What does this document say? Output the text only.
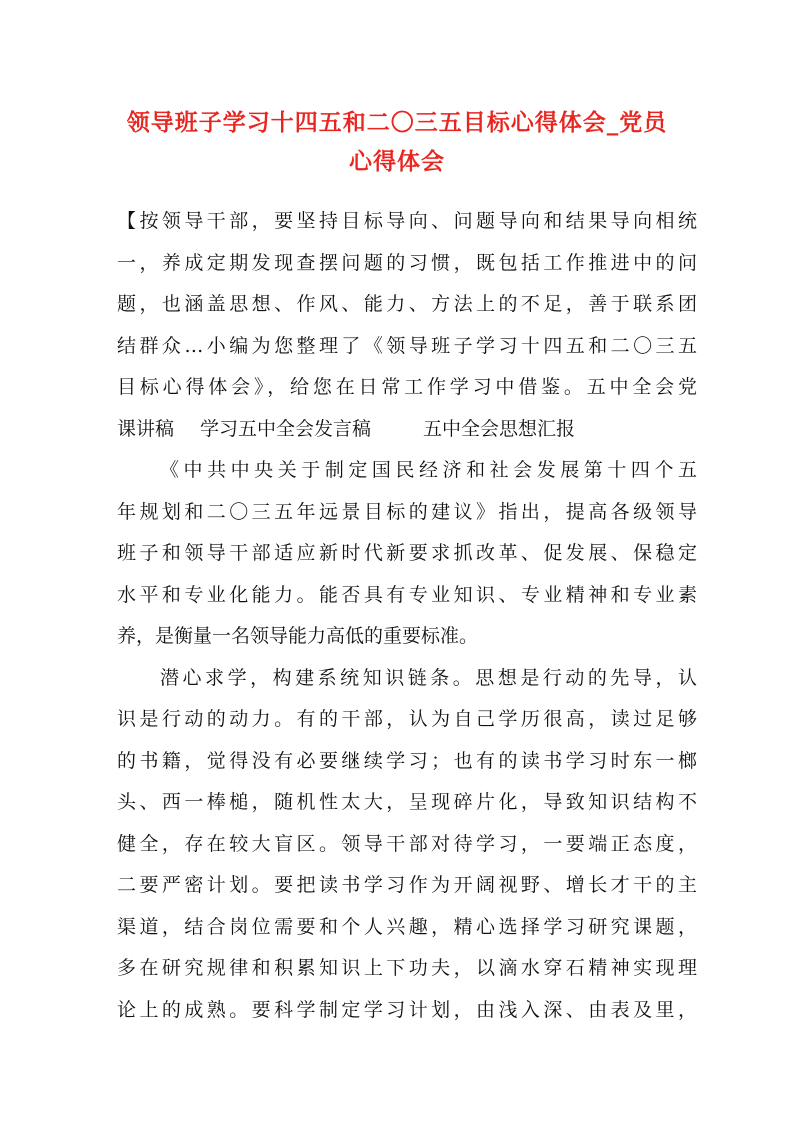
领导班子学习十四五和二〇三五目标心得体会_党员
心得体会
【按领导干部，要坚持目标导向、问题导向和结果导向相统
一，养成定期发现查摆问题的习惯，既包括工作推进中的问
题，也涵盖思想、作风、能力、方法上的不足，善于联系团
结群众…小编为您整理了《领导班子学习十四五和二〇三五
目标心得体会》，给您在日常工作学习中借鉴。五中全会党
课讲稿 学习五中全会发言稿	五中全会思想汇报
《中共中央关于制定国民经济和社会发展第十四个五
年规划和二〇三五年远景目标的建议》指出，提高各级领导
班子和领导干部适应新时代新要求抓改革、促发展、保稳定
水平和专业化能力。能否具有专业知识、专业精神和专业素
养，是衡量一名领导能力高低的重要标准。
潜心求学，构建系统知识链条。思想是行动的先导，认
识是行动的动力。有的干部，认为自己学历很高，读过足够
的书籍，觉得没有必要继续学习；也有的读书学习时东一榔
头、西一棒槌，随机性太大，呈现碎片化，导致知识结构不
健全，存在较大盲区。领导干部对待学习，一要端正态度，
二要严密计划。要把读书学习作为开阔视野、增长才干的主
渠道，结合岗位需要和个人兴趣，精心选择学习研究课题，
多在研究规律和积累知识上下功夫，以滴水穿石精神实现理
论上的成熟。要科学制定学习计划，由浅入深、由表及里，
